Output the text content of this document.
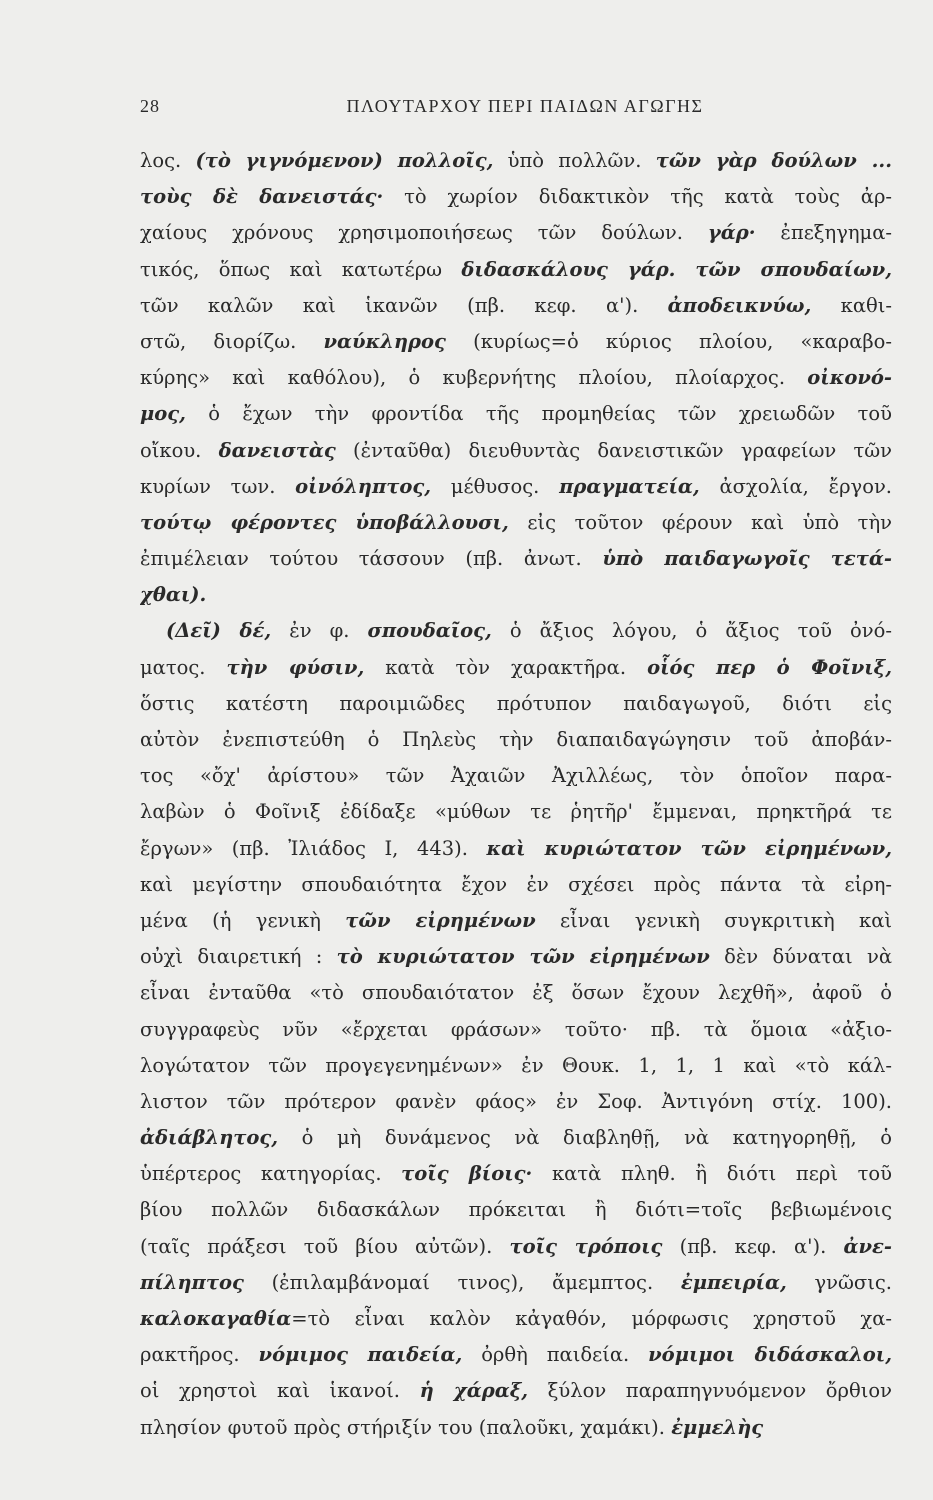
28	ΠΛΟΥΤΑΡΧΟΥ ΠΕΡΙ ΠΑΙΔΩΝ ΑΓΩΓΗΣ
λος. (τὸ γιγνόμενον) πολλοῖς, ὑπὸ πολλῶν. τῶν γὰρ δούλων ...
τοὺς δὲ δανειστάς· τὸ χωρίον διδακτικὸν τῆς κατὰ τοὺς ἀρ-
χαίους χρόνους χρησιμοποιήσεως τῶν δούλων. γάρ· ἐπεξηγημα-
τικός, ὅπως καὶ κατωτέρω διδασκάλους γάρ. τῶν σπουδαίων,
τῶν καλῶν καὶ ἱκανῶν (πβ. κεφ. α'). ἀποδεικνύω, καθι-
στῶ, διορίζω. ναύκληρος (κυρίως=ὁ κύριος πλοίου, «καραβο-
κύρης» καὶ καθόλου), ὁ κυβερνήτης πλοίου, πλοίαρχος. οἰκονό-
μος, ὁ ἔχων τὴν φροντίδα τῆς προμηθείας τῶν χρειωδῶν τοῦ
οἴκου. δανειστὰς (ἐνταῦθα) διευθυντὰς δανειστικῶν γραφείων τῶν
κυρίων των. οἰνόληπτος, μέθυσος. πραγματεία, ἀσχολία, ἔργον.
τούτῳ φέροντες ὑποβάλλουσι, εἰς τοῦτον φέρουν καὶ ὑπὸ τὴν
ἐπιμέλειαν τούτου τάσσουν (πβ. ἀνωτ. ὑπὸ παιδαγωγοῖς τετά-
χθαι).
(Δεῖ) δέ, ἐν φ. σπουδαῖος, ὁ ἄξιος λόγου, ὁ ἄξιος τοῦ ὀνό-
ματος. τὴν φύσιν, κατὰ τὸν χαρακτῆρα. οἷός περ ὁ Φοῖνιξ,
ὅστις κατέστη παροιμιῶδες πρότυπον παιδαγωγοῦ, διότι εἰς
αὐτὸν ἐνεπιστεύθη ὁ Πηλεὺς τὴν διαπαιδαγώγησιν τοῦ ἀποβάν-
τος «ὄχ' ἀρίστου» τῶν Ἀχαιῶν Ἀχιλλέως, τὸν ὁποῖον παρα-
λαβὼν ὁ Φοῖνιξ ἐδίδαξε «μύθων τε ῥητῆρ' ἔμμεναι, πρηκτῆρά τε
ἔργων» (πβ. Ἰλιάδος Ι, 443). καὶ κυριώτατον τῶν εἰρημένων,
καὶ μεγίστην σπουδαιότητα ἔχον ἐν σχέσει πρὸς πάντα τὰ εἰρη-
μένα (ἡ γενικὴ τῶν εἰρημένων εἶναι γενικὴ συγκριτικὴ καὶ
οὐχὶ διαιρετική : τὸ κυριώτατον τῶν εἰρημένων δὲν δύναται νὰ
εἶναι ἐνταῦθα «τὸ σπουδαιότατον ἐξ ὅσων ἔχουν λεχθῆ», ἀφοῦ ὁ
συγγραφεὺς νῦν «ἔρχεται φράσων» τοῦτο· πβ. τὰ ὅμοια «ἀξιο-
λογώτατον τῶν προγεγενημένων» ἐν Θουκ. 1, 1, 1 καὶ «τὸ κάλ-
λιστον τῶν πρότερον φανὲν φάος» ἐν Σοφ. Ἀντιγόνη στίχ. 100).
ἀδιάβλητος, ὁ μὴ δυνάμενος νὰ διαβληθῇ, νὰ κατηγορηθῇ, ὁ
ὑπέρτερος κατηγορίας. τοῖς βίοις· κατὰ πληθ. ἢ διότι περὶ τοῦ
βίου πολλῶν διδασκάλων πρόκειται ἢ διότι=τοῖς βεβιωμένοις
(ταῖς πράξεσι τοῦ βίου αὐτῶν). τοῖς τρόποις (πβ. κεφ. α'). ἀνε-
πίληπτος (ἐπιλαμβάνομαί τινος), ἄμεμπτος. ἐμπειρία, γνῶσις.
καλοκαγαθία=τὸ εἶναι καλὸν κἀγαθόν, μόρφωσις χρηστοῦ χα-
ρακτῆρος. νόμιμος παιδεία, ὀρθὴ παιδεία. νόμιμοι διδάσκαλοι,
οἱ χρηστοὶ καὶ ἱκανοί. ἡ χάραξ, ξύλον παραπηγνυόμενον ὄρθιον
πλησίον φυτοῦ πρὸς στήριξίν του (παλοῦκι, χαμάκι). ἐμμελὴς
